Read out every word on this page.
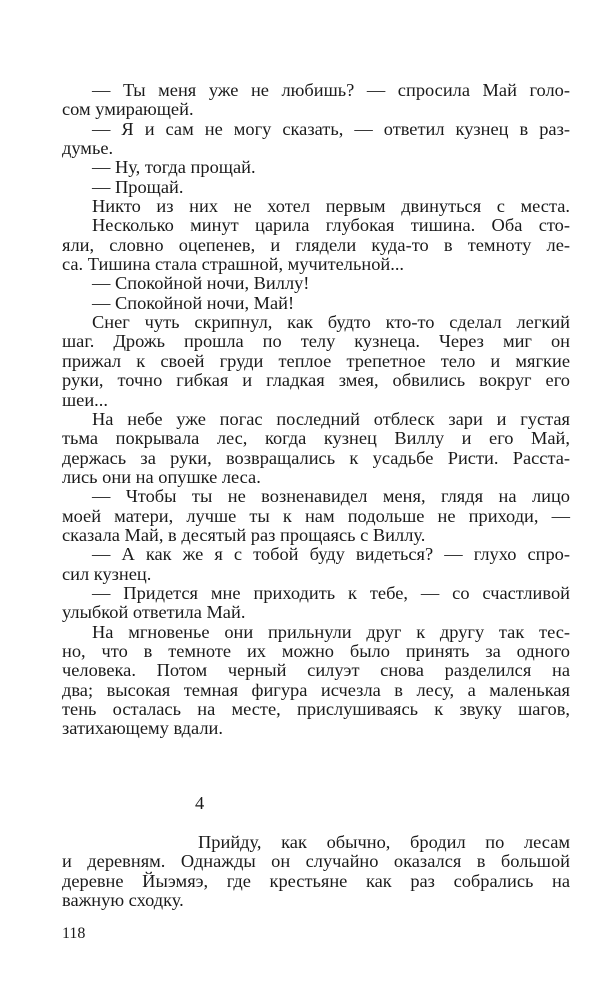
— Ты меня уже не любишь? — спросила Май голо-
сом умирающей.
— Я и сам не могу сказать, — ответил кузнец в раз-
думье.
— Ну, тогда прощай.
— Прощай.
Никто из них не хотел первым двинуться с места.
Несколько минут царила глубокая тишина. Оба сто-
яли, словно оцепенев, и глядели куда-то в темноту ле-
са. Тишина стала страшной, мучительной...
— Спокойной ночи, Виллу!
— Спокойной ночи, Май!
Снег чуть скрипнул, как будто кто-то сделал легкий
шаг. Дрожь прошла по телу кузнеца. Через миг он
прижал к своей груди теплое трепетное тело и мягкие
руки, точно гибкая и гладкая змея, обвились вокруг его
шеи...
На небе уже погас последний отблеск зари и густая
тьма покрывала лес, когда кузнец Виллу и его Май,
держась за руки, возвращались к усадьбе Ристи. Расста-
лись они на опушке леса.
— Чтобы ты не возненавидел меня, глядя на лицо
моей матери, лучше ты к нам подольше не приходи, —
сказала Май, в десятый раз прощаясь с Виллу.
— А как же я с тобой буду видеться? — глухо спро-
сил кузнец.
— Придется мне приходить к тебе, — со счастливой
улыбкой ответила Май.
На мгновенье они прильнули друг к другу так тес-
но, что в темноте их можно было принять за одного
человека. Потом черный силуэт снова разделился на
два; высокая темная фигура исчезла в лесу, а маленькая
тень осталась на месте, прислушиваясь к звуку шагов,
затихающему вдали.
4
Прийду, как обычно, бродил по лесам
и деревням. Однажды он случайно оказался в большой
деревне Йыэмяэ, где крестьяне как раз собрались на
важную сходку.
118
